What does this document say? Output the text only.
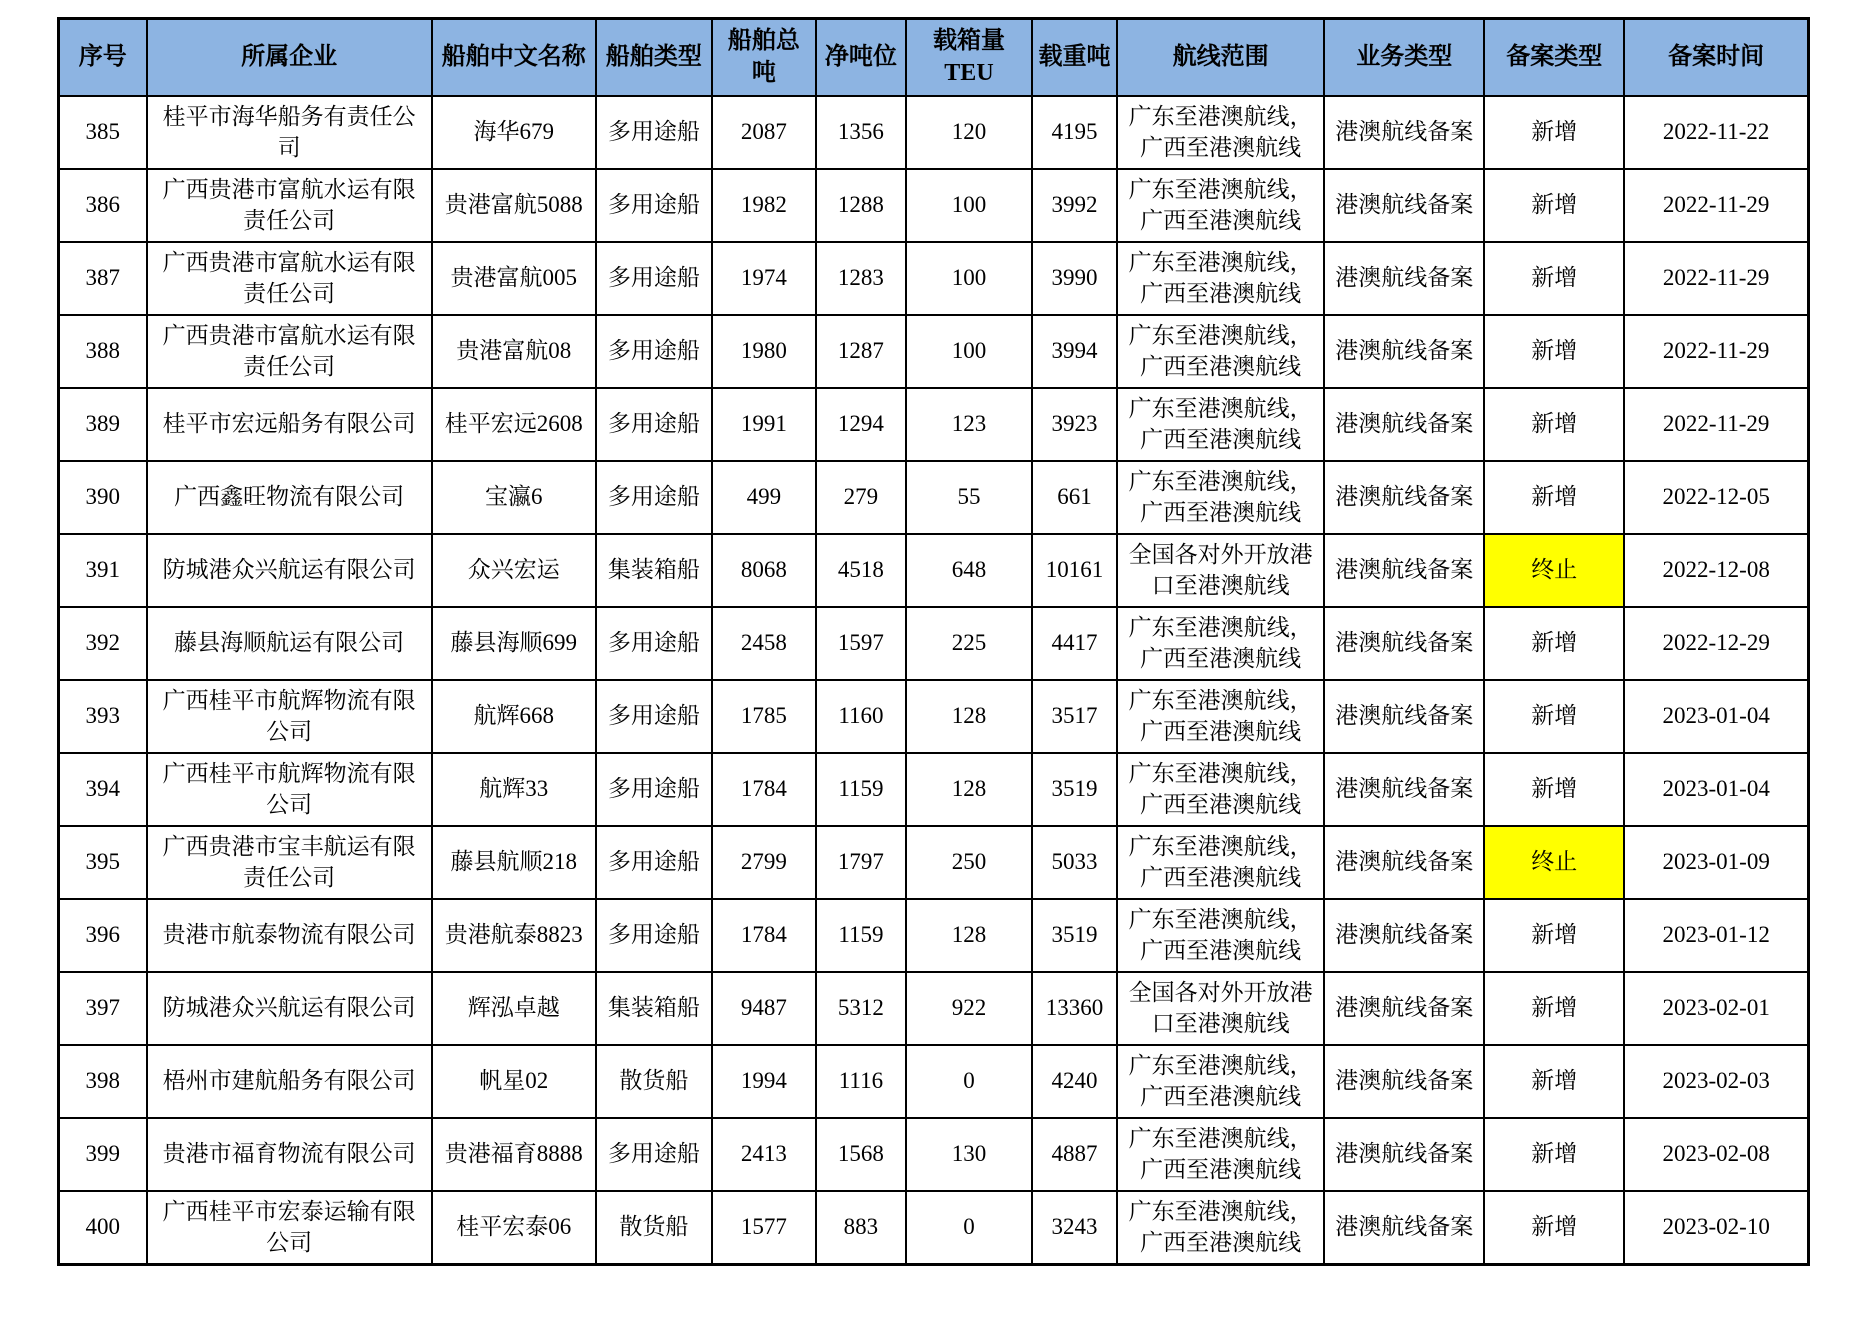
序号	所属企业	船舶中文名称	船舶类型	船舶总吨	净吨位	载箱量TEU	载重吨	航线范围	业务类型	备案类型	备案时间
385	桂平市海华船务有责任公司	海华679	多用途船	2087	1356	120	4195	广东至港澳航线，广西至港澳航线	港澳航线备案	新增	2022-11-22
386	广西贵港市富航水运有限责任公司	贵港富航5088	多用途船	1982	1288	100	3992	广东至港澳航线，广西至港澳航线	港澳航线备案	新增	2022-11-29
387	广西贵港市富航水运有限责任公司	贵港富航005	多用途船	1974	1283	100	3990	广东至港澳航线，广西至港澳航线	港澳航线备案	新增	2022-11-29
388	广西贵港市富航水运有限责任公司	贵港富航08	多用途船	1980	1287	100	3994	广东至港澳航线，广西至港澳航线	港澳航线备案	新增	2022-11-29
389	桂平市宏远船务有限公司	桂平宏远2608	多用途船	1991	1294	123	3923	广东至港澳航线，广西至港澳航线	港澳航线备案	新增	2022-11-29
390	广西鑫旺物流有限公司	宝瀛6	多用途船	499	279	55	661	广东至港澳航线，广西至港澳航线	港澳航线备案	新增	2022-12-05
391	防城港众兴航运有限公司	众兴宏运	集装箱船	8068	4518	648	10161	全国各对外开放港口至港澳航线	港澳航线备案	终止	2022-12-08
392	藤县海顺航运有限公司	藤县海顺699	多用途船	2458	1597	225	4417	广东至港澳航线，广西至港澳航线	港澳航线备案	新增	2022-12-29
393	广西桂平市航辉物流有限公司	航辉668	多用途船	1785	1160	128	3517	广东至港澳航线，广西至港澳航线	港澳航线备案	新增	2023-01-04
394	广西桂平市航辉物流有限公司	航辉33	多用途船	1784	1159	128	3519	广东至港澳航线，广西至港澳航线	港澳航线备案	新增	2023-01-04
395	广西贵港市宝丰航运有限责任公司	藤县航顺218	多用途船	2799	1797	250	5033	广东至港澳航线，广西至港澳航线	港澳航线备案	终止	2023-01-09
396	贵港市航泰物流有限公司	贵港航泰8823	多用途船	1784	1159	128	3519	广东至港澳航线，广西至港澳航线	港澳航线备案	新增	2023-01-12
397	防城港众兴航运有限公司	辉泓卓越	集装箱船	9487	5312	922	13360	全国各对外开放港口至港澳航线	港澳航线备案	新增	2023-02-01
398	梧州市建航船务有限公司	帆星02	散货船	1994	1116	0	4240	广东至港澳航线，广西至港澳航线	港澳航线备案	新增	2023-02-03
399	贵港市福育物流有限公司	贵港福育8888	多用途船	2413	1568	130	4887	广东至港澳航线，广西至港澳航线	港澳航线备案	新增	2023-02-08
400	广西桂平市宏泰运输有限公司	桂平宏泰06	散货船	1577	883	0	3243	广东至港澳航线，广西至港澳航线	港澳航线备案	新增	2023-02-10
